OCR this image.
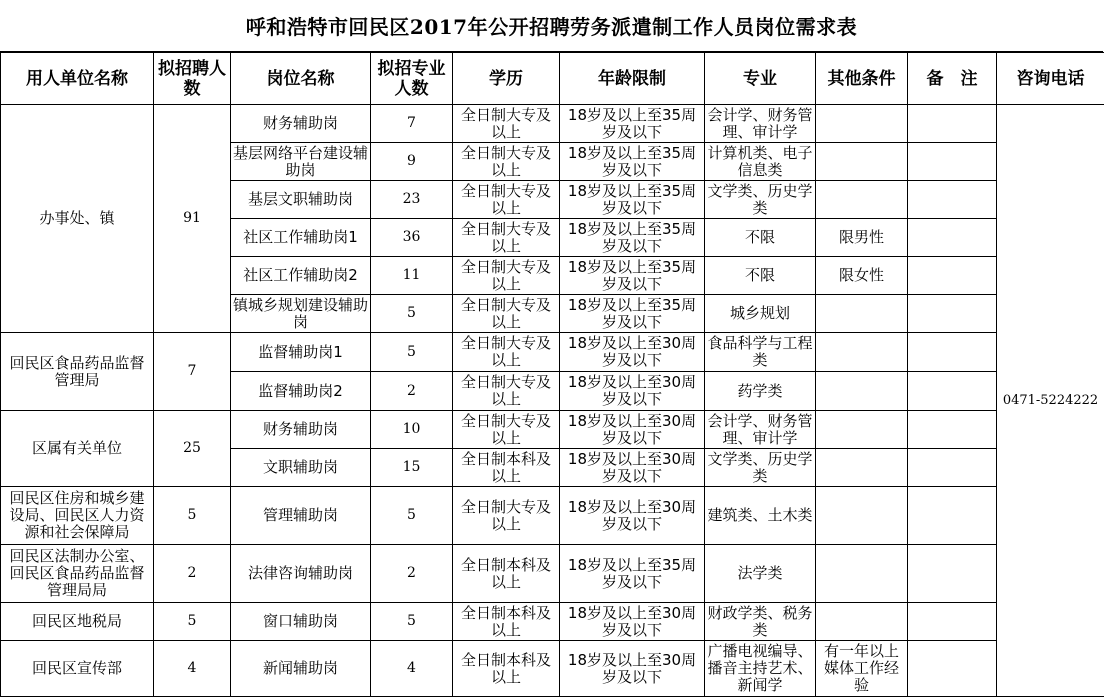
呼和浩特市回民区2017年公开招聘劳务派遣制工作人员岗位需求表
用人单位名称	拟招聘人数	岗位名称	拟招专业人数	学历	年龄限制	专业	其他条件	备　注	咨询电话
办事处、镇	91	财务辅助岗	7	全日制大专及以上	18岁及以上至35周岁及以下	会计学、财务管理、审计学			0471-5224222
		基层网络平台建设辅助岗	9	全日制大专及以上	18岁及以上至35周岁及以下	计算机类、电子信息类			
		基层文职辅助岗	23	全日制大专及以上	18岁及以上至35周岁及以下	文学类、历史学类			
		社区工作辅助岗1	36	全日制大专及以上	18岁及以上至35周岁及以下	不限	限男性		
		社区工作辅助岗2	11	全日制大专及以上	18岁及以上至35周岁及以下	不限	限女性		
		镇城乡规划建设辅助岗	5	全日制大专及以上	18岁及以上至35周岁及以下	城乡规划			
回民区食品药品监督管理局	7	监督辅助岗1	5	全日制大专及以上	18岁及以上至30周岁及以下	食品科学与工程类			
		监督辅助岗2	2	全日制大专及以上	18岁及以上至30周岁及以下	药学类			
区属有关单位	25	财务辅助岗	10	全日制大专及以上	18岁及以上至30周岁及以下	会计学、财务管理、审计学			
		文职辅助岗	15	全日制本科及以上	18岁及以上至30周岁及以下	文学类、历史学类			
回民区住房和城乡建设局、回民区人力资源和社会保障局	5	管理辅助岗	5	全日制大专及以上	18岁及以上至30周岁及以下	建筑类、土木类			
回民区法制办公室、回民区食品药品监督管理局局	2	法律咨询辅助岗	2	全日制本科及以上	18岁及以上至35周岁及以下	法学类			
回民区地税局	5	窗口辅助岗	5	全日制本科及以上	18岁及以上至30周岁及以下	财政学类、税务类			
回民区宣传部	4	新闻辅助岗	4	全日制本科及以上	18岁及以上至30周岁及以下	广播电视编导、播音主持艺术、新闻学	有一年以上媒体工作经验		
